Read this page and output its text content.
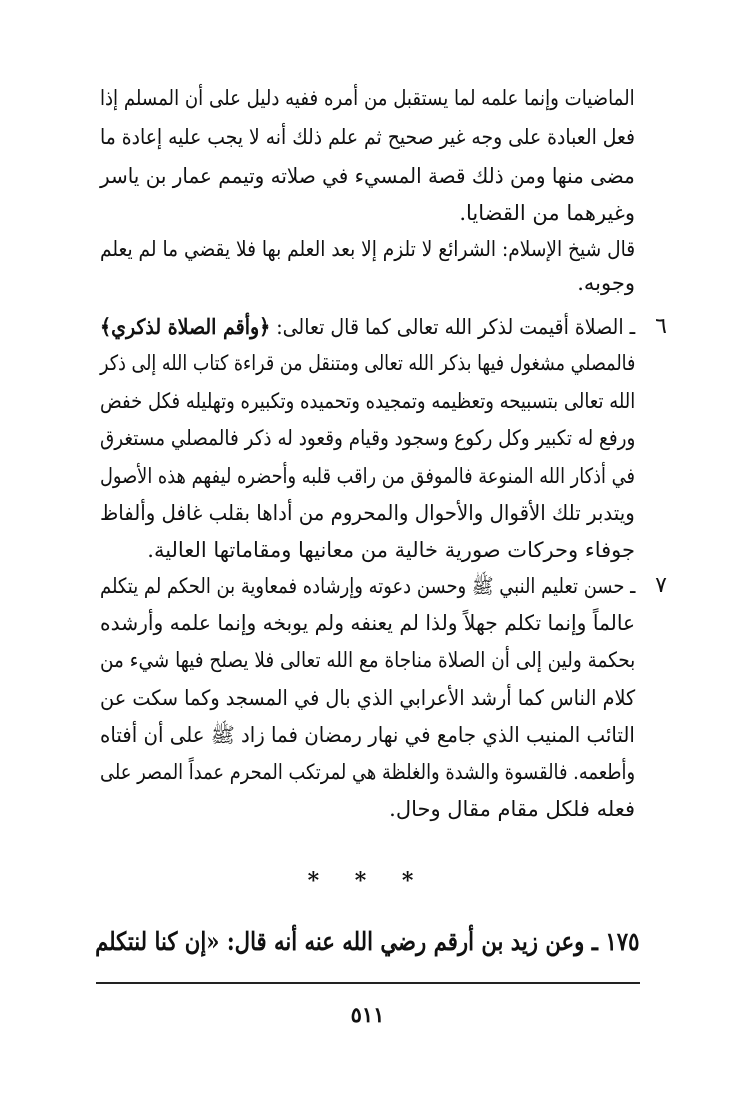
الماضيات وإنما علمه لما يستقبل من أمره ففيه دليل على أن المسلم إذا
فعل العبادة على وجه غير صحيح ثم علم ذلك أنه لا يجب عليه إعادة ما
مضى منها ومن ذلك قصة المسيء في صلاته وتيمم عمار بن ياسر
وغيرهما من القضايا.
قال شيخ الإسلام: الشرائع لا تلزم إلا بعد العلم بها فلا يقضي ما لم يعلم
وجوبه.
٦
ـ الصلاة أقيمت لذكر الله تعالى كما قال تعالى: ﴿وأقم الصلاة لذكري﴾
فالمصلي مشغول فيها بذكر الله تعالى ومتنقل من قراءة كتاب الله إلى ذكر
الله تعالى بتسبيحه وتعظيمه وتمجيده وتحميده وتكبيره وتهليله فكل خفض
ورفع له تكبير وكل ركوع وسجود وقيام وقعود له ذكر فالمصلي مستغرق
في أذكار الله المنوعة فالموفق من راقب قلبه وأحضره ليفهم هذه الأصول
ويتدبر تلك الأقوال والأحوال والمحروم من أداها بقلب غافل وألفاظ
جوفاء وحركات صورية خالية من معانيها ومقاماتها العالية.
٧
ـ حسن تعليم النبي ﷺ وحسن دعوته وإرشاده فمعاوية بن الحكم لم يتكلم
عالماً وإنما تكلم جهلاً ولذا لم يعنفه ولم يوبخه وإنما علمه وأرشده
بحكمة ولين إلى أن الصلاة مناجاة مع الله تعالى فلا يصلح فيها شيء من
كلام الناس كما أرشد الأعرابي الذي بال في المسجد وكما سكت عن
التائب المنيب الذي جامع في نهار رمضان فما زاد ﷺ على أن أفتاه
وأطعمه. فالقسوة والشدة والغلظة هي لمرتكب المحرم عمداً المصر على
فعله فلكل مقام مقال وحال.
* * *
١٧٥ ـ وعن زيد بن أرقم رضي الله عنه أنه قال: «إن كنا لنتكلم
٥١١
